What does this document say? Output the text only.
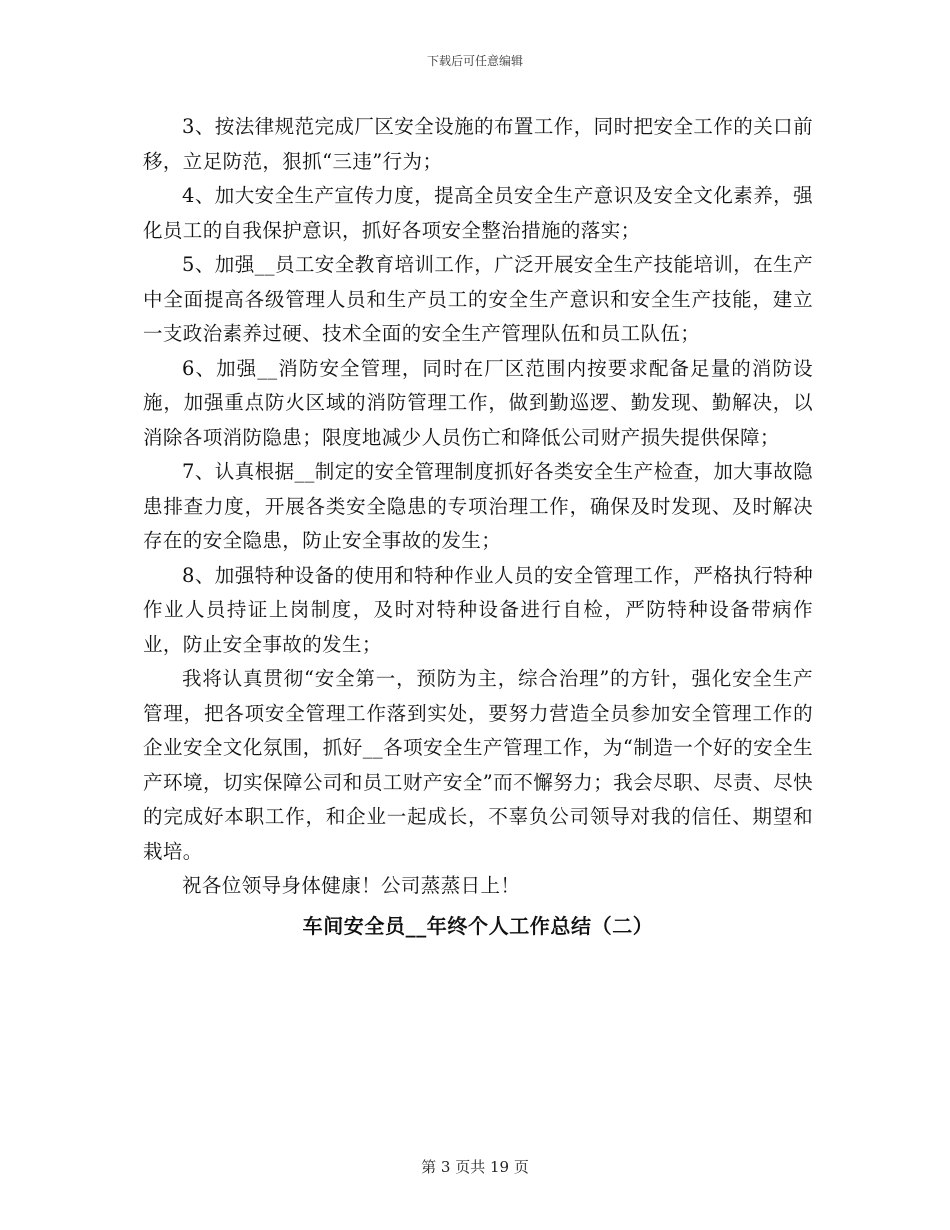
下载后可任意编辑

3、按法律规范完成厂区安全设施的布置工作，同时把安全工作的关口前移，立足防范，狠抓“三违”行为；

4、加大安全生产宣传力度，提高全员安全生产意识及安全文化素养，强化员工的自我保护意识，抓好各项安全整治措施的落实；

5、加强__员工安全教育培训工作，广泛开展安全生产技能培训，在生产中全面提高各级管理人员和生产员工的安全生产意识和安全生产技能，建立一支政治素养过硬、技术全面的安全生产管理队伍和员工队伍；

6、加强__消防安全管理，同时在厂区范围内按要求配备足量的消防设施，加强重点防火区域的消防管理工作，做到勤巡逻、勤发现、勤解决，以消除各项消防隐患；限度地减少人员伤亡和降低公司财产损失提供保障；

7、认真根据__制定的安全管理制度抓好各类安全生产检查，加大事故隐患排查力度，开展各类安全隐患的专项治理工作，确保及时发现、及时解决存在的安全隐患，防止安全事故的发生；

8、加强特种设备的使用和特种作业人员的安全管理工作，严格执行特种作业人员持证上岗制度，及时对特种设备进行自检，严防特种设备带病作业，防止安全事故的发生；

我将认真贯彻“安全第一，预防为主，综合治理”的方针，强化安全生产管理，把各项安全管理工作落到实处，要努力营造全员参加安全管理工作的企业安全文化氛围，抓好__各项安全生产管理工作，为“制造一个好的安全生产环境，切实保障公司和员工财产安全”而不懈努力；我会尽职、尽责、尽快的完成好本职工作，和企业一起成长，不辜负公司领导对我的信任、期望和栽培。

祝各位领导身体健康！公司蒸蒸日上！

车间安全员__年终个人工作总结（二）
第 3 页共 19 页
